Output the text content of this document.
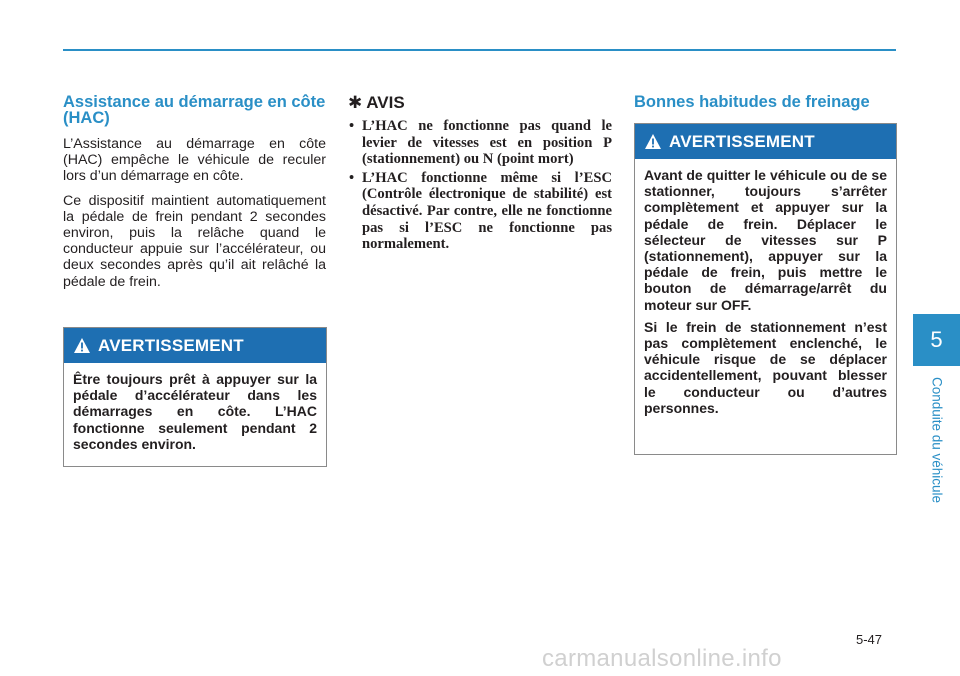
Assistance au démarrage en côte (HAC)

L’Assistance au démarrage en côte (HAC) empêche le véhicule de reculer lors d’un démarrage en côte.

Ce dispositif maintient automatiquement la pédale de frein pendant 2 secondes environ, puis la relâche quand le conducteur appuie sur l’accélérateur, ou deux secondes après qu’il ait relâché la pédale de frein.

AVERTISSEMENT

Être toujours prêt à appuyer sur la pédale d’accélérateur dans les démarrages en côte. L’HAC fonctionne seulement pendant 2 secondes environ.

✱ AVIS
• L’HAC ne fonctionne pas quand le levier de vitesses est en position P (stationnement) ou N (point mort)
• L’HAC fonctionne même si l’ESC (Contrôle électronique de stabilité) est désactivé. Par contre, elle ne fonctionne pas si l’ESC ne fonctionne pas normalement.
Bonnes habitudes de freinage
AVERTISSEMENT

Avant de quitter le véhicule ou de se stationner, toujours s’arrêter complètement et appuyer sur la pédale de frein. Déplacer le sélecteur de vitesses sur P (stationnement), appuyer sur la pédale de frein, puis mettre le bouton de démarrage/arrêt du moteur sur OFF.

Si le frein de stationnement n’est pas complètement enclenché, le véhicule risque de se déplacer accidentellement, pouvant blesser le conducteur ou d’autres personnes.

5
Conduite du véhicule
5-47
carmanualsonline.info
